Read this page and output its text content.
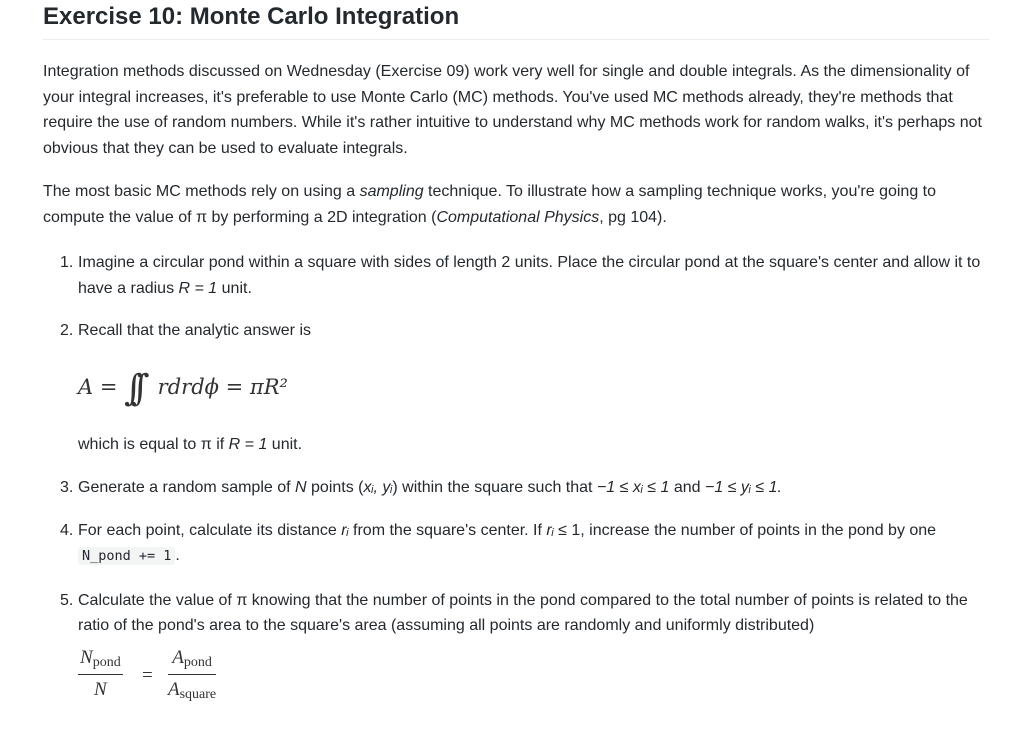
Exercise 10: Monte Carlo Integration

Integration methods discussed on Wednesday (Exercise 09) work very well for single and double integrals. As the dimensionality of your integral increases, it's preferable to use Monte Carlo (MC) methods. You've used MC methods already, they're methods that require the use of random numbers. While it's rather intuitive to understand why MC methods work for random walks, it's perhaps not obvious that they can be used to evaluate integrals.

The most basic MC methods rely on using a sampling technique. To illustrate how a sampling technique works, you're going to compute the value of π by performing a 2D integration (Computational Physics, pg 104).

1. Imagine a circular pond within a square with sides of length 2 units. Place the circular pond at the square's center and allow it to have a radius R = 1 unit.
2. Recall that the analytic answer is
A = ∫∫ rdrdϕ = πR²
which is equal to π if R = 1 unit.
3. Generate a random sample of N points (xᵢ, yᵢ) within the square such that −1 ≤ xᵢ ≤ 1 and −1 ≤ yᵢ ≤ 1.
4. For each point, calculate its distance rᵢ from the square's center. If rᵢ ≤ 1, increase the number of points in the pond by one N_pond += 1 .
5. Calculate the value of π knowing that the number of points in the pond compared to the total number of points is related to the ratio of the pond's area to the square's area (assuming all points are randomly and uniformly distributed)
Npond
N
=
Apond
Asquare
